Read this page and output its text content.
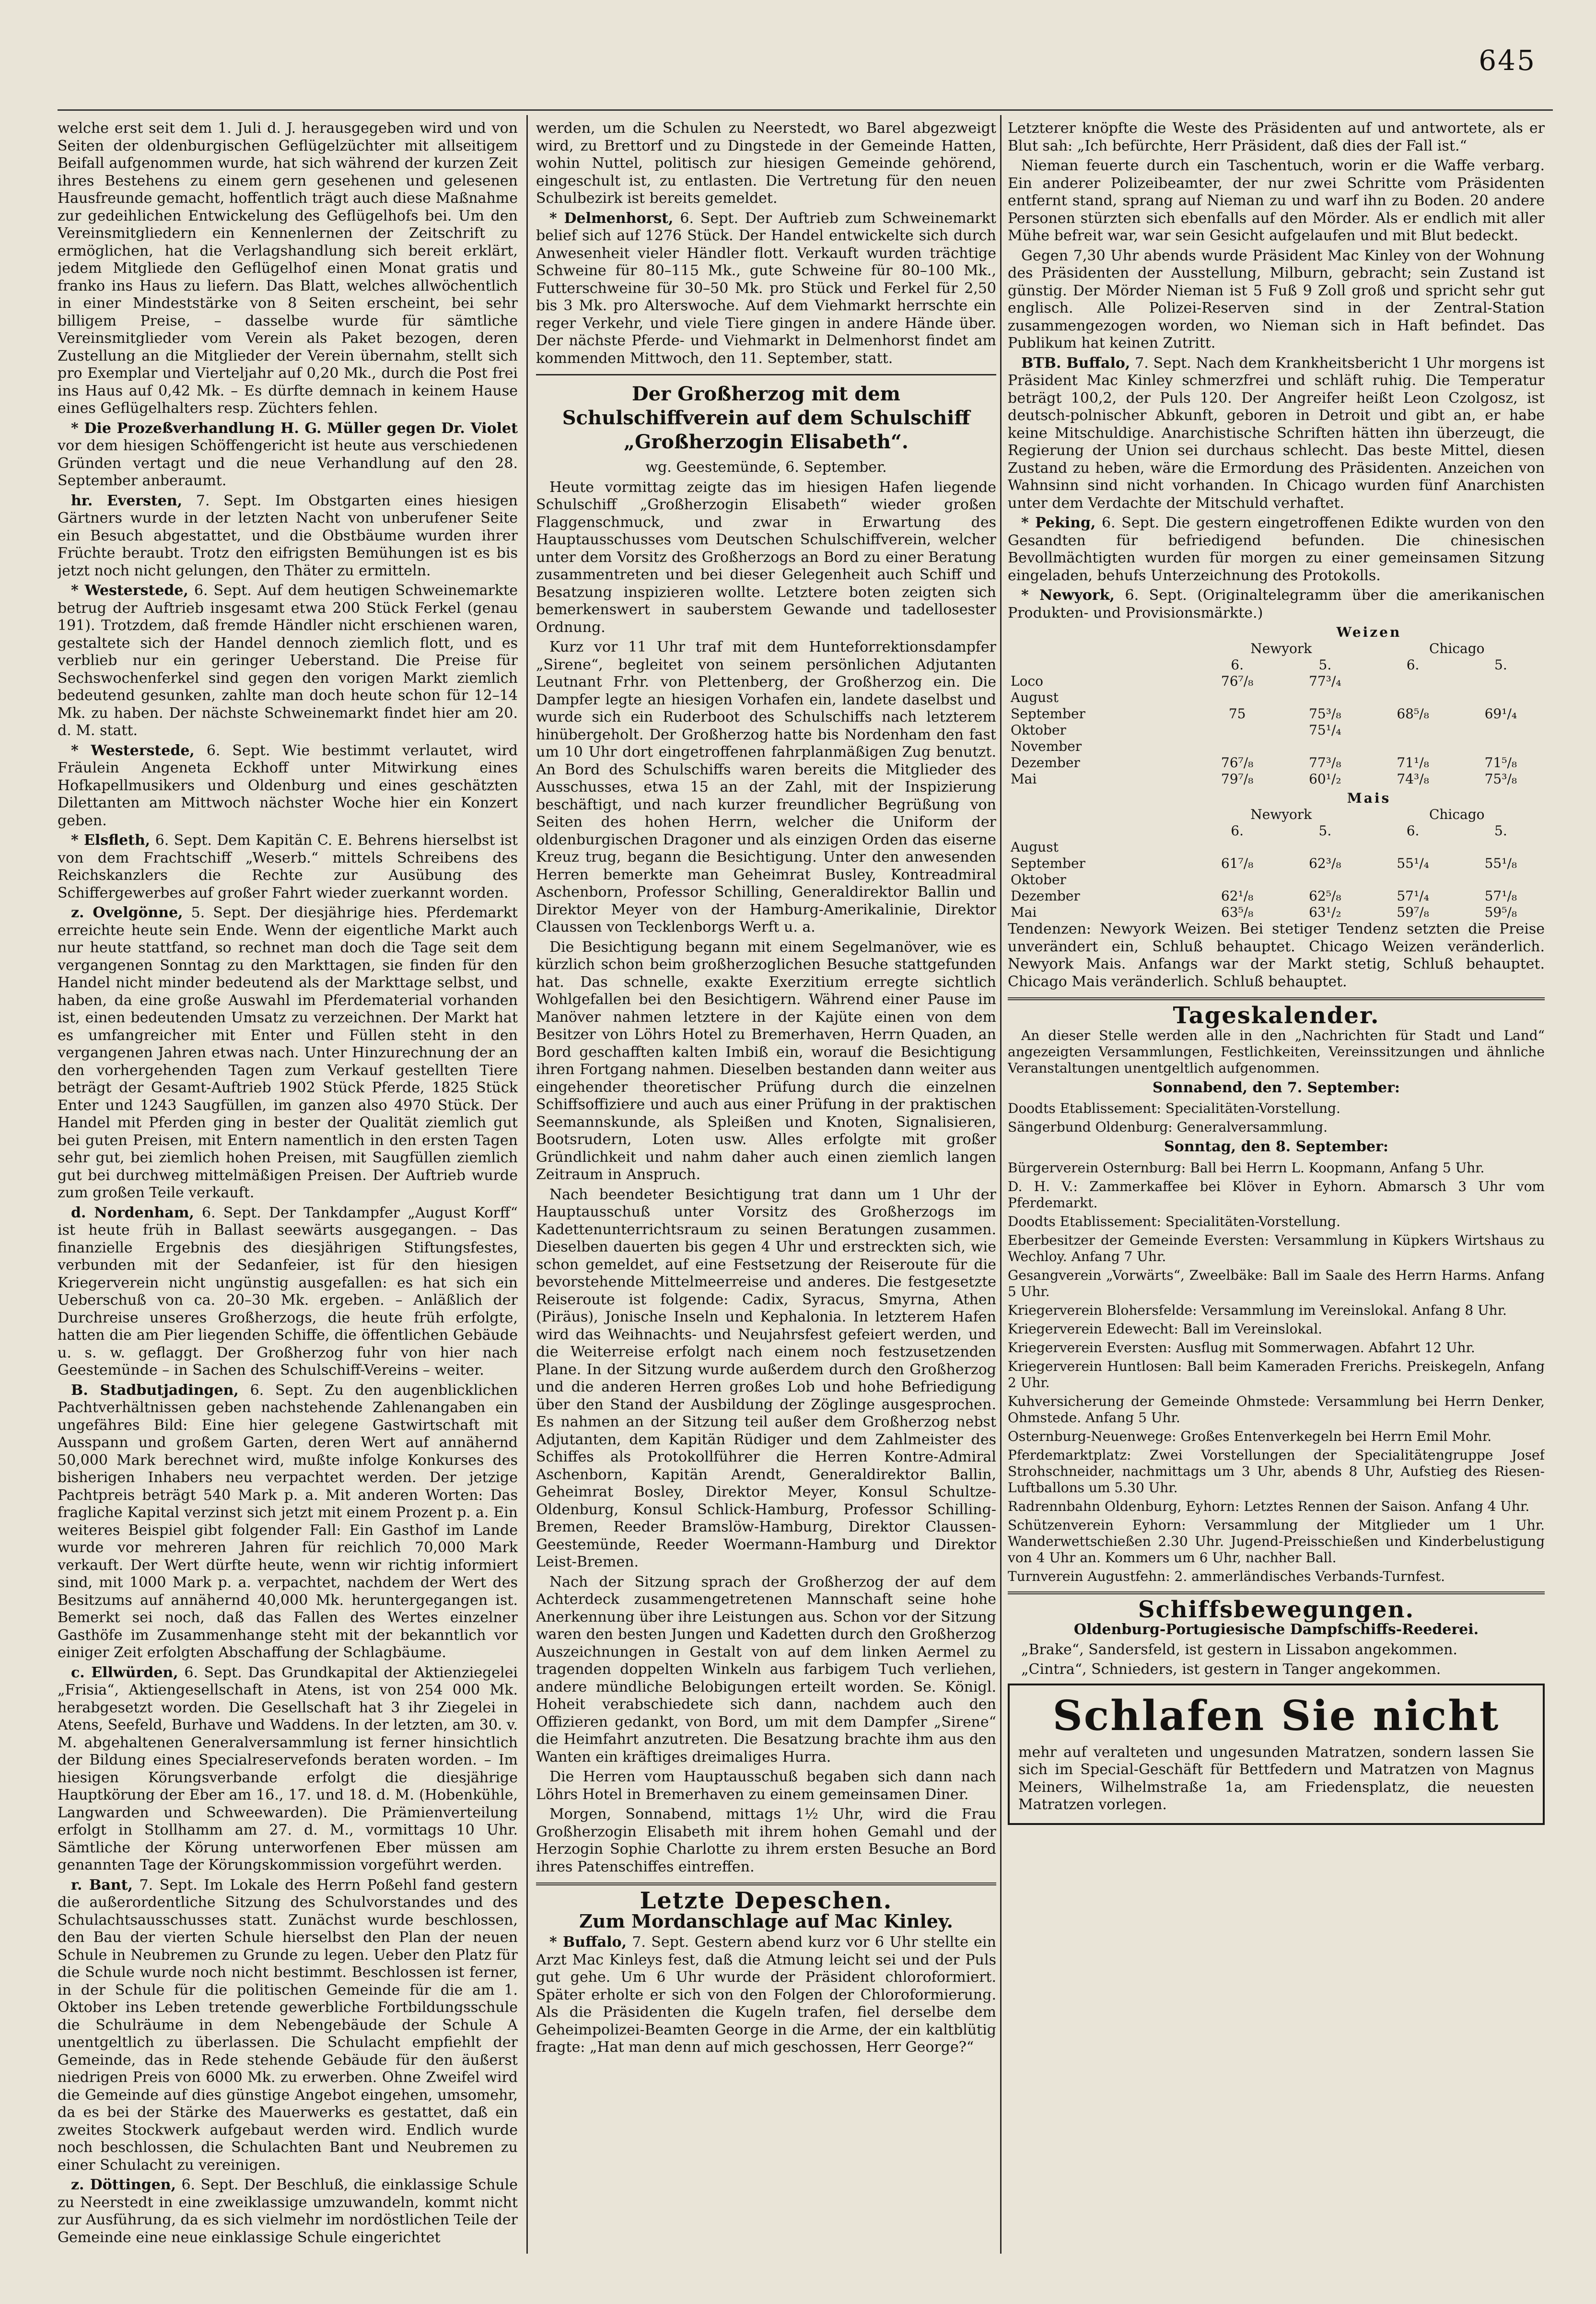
645

welche erst seit dem 1. Juli d. J. herausgegeben wird und von Seiten der oldenburgischen Geflügelzüchter mit allseitigem Beifall aufgenommen wurde, hat sich während der kurzen Zeit ihres Bestehens zu einem gern gesehenen und gelesenen Hausfreunde gemacht, hoffentlich trägt auch diese Maßnahme zur gedeihlichen Entwickelung des Geflügelhofs bei. Um den Vereinsmitgliedern ein Kennenlernen der Zeitschrift zu ermöglichen, hat die Verlagshandlung sich bereit erklärt, jedem Mitgliede den Geflügelhof einen Monat gratis und franko ins Haus zu liefern. Das Blatt, welches allwöchentlich in einer Mindeststärke von 8 Seiten erscheint, bei sehr billigem Preise, – dasselbe wurde für sämtliche Vereinsmitglieder vom Verein als Paket bezogen, deren Zustellung an die Mitglieder der Verein übernahm, stellt sich pro Exemplar und Vierteljahr auf 0,20 Mk., durch die Post frei ins Haus auf 0,42 Mk. – Es dürfte demnach in keinem Hause eines Geflügelhalters resp. Züchters fehlen.

* Die Prozeßverhandlung H. G. Müller gegen Dr. Violet vor dem hiesigen Schöffengericht ist heute aus verschiedenen Gründen vertagt und die neue Verhandlung auf den 28. September anberaumt.

hr. Eversten, 7. Sept. Im Obstgarten eines hiesigen Gärtners wurde in der letzten Nacht von unberufener Seite ein Besuch abgestattet, und die Obstbäume wurden ihrer Früchte beraubt. Trotz den eifrigsten Bemühungen ist es bis jetzt noch nicht gelungen, den Thäter zu ermitteln.

* Westerstede, 6. Sept. Auf dem heutigen Schweinemarkte betrug der Auftrieb insgesamt etwa 200 Stück Ferkel (genau 191). Trotzdem, daß fremde Händler nicht erschienen waren, gestaltete sich der Handel dennoch ziemlich flott, und es verblieb nur ein geringer Ueberstand. Die Preise für Sechswochenferkel sind gegen den vorigen Markt ziemlich bedeutend gesunken, zahlte man doch heute schon für 12–14 Mk. zu haben. Der nächste Schweinemarkt findet hier am 20. d. M. statt.

* Westerstede, 6. Sept. Wie bestimmt verlautet, wird Fräulein Angeneta Eckhoff unter Mitwirkung eines Hofkapellmusikers und Oldenburg und eines geschätzten Dilettanten am Mittwoch nächster Woche hier ein Konzert geben.

* Elsfleth, 6. Sept. Dem Kapitän C. E. Behrens hierselbst ist von dem Frachtschiff „Weserb.“ mittels Schreibens des Reichskanzlers die Rechte zur Ausübung des Schiffergewerbes auf großer Fahrt wieder zuerkannt worden.

z. Ovelgönne, 5. Sept. Der diesjährige hies. Pferdemarkt erreichte heute sein Ende. Wenn der eigentliche Markt auch nur heute stattfand, so rechnet man doch die Tage seit dem vergangenen Sonntag zu den Markttagen, sie finden für den Handel nicht minder bedeutend als der Markttage selbst, und haben, da eine große Auswahl im Pferdematerial vorhanden ist, einen bedeutenden Umsatz zu verzeichnen. Der Markt hat es umfangreicher mit Enter und Füllen steht in den vergangenen Jahren etwas nach. Unter Hinzurechnung der an den vorhergehenden Tagen zum Verkauf gestellten Tiere beträgt der Gesamt-Auftrieb 1902 Stück Pferde, 1825 Stück Enter und 1243 Saugfüllen, im ganzen also 4970 Stück. Der Handel mit Pferden ging in bester der Qualität ziemlich gut bei guten Preisen, mit Entern namentlich in den ersten Tagen sehr gut, bei ziemlich hohen Preisen, mit Saugfüllen ziemlich gut bei durchweg mittelmäßigen Preisen. Der Auftrieb wurde zum großen Teile verkauft.

d. Nordenham, 6. Sept. Der Tankdampfer „August Korff“ ist heute früh in Ballast seewärts ausgegangen. – Das finanzielle Ergebnis des diesjährigen Stiftungsfestes, verbunden mit der Sedanfeier, ist für den hiesigen Kriegerverein nicht ungünstig ausgefallen: es hat sich ein Ueberschuß von ca. 20–30 Mk. ergeben. – Anläßlich der Durchreise unseres Großherzogs, die heute früh erfolgte, hatten die am Pier liegenden Schiffe, die öffentlichen Gebäude u. s. w. geflaggt. Der Großherzog fuhr von hier nach Geestemünde – in Sachen des Schulschiff-Vereins – weiter.

B. Stadbutjadingen, 6. Sept. Zu den augenblicklichen Pachtverhältnissen geben nachstehende Zahlenangaben ein ungefähres Bild: Eine hier gelegene Gastwirtschaft mit Ausspann und großem Garten, deren Wert auf annähernd 50,000 Mark berechnet wird, mußte infolge Konkurses des bisherigen Inhabers neu verpachtet werden. Der jetzige Pachtpreis beträgt 540 Mark p. a. Mit anderen Worten: Das fragliche Kapital verzinst sich jetzt mit einem Prozent p. a. Ein weiteres Beispiel gibt folgender Fall: Ein Gasthof im Lande wurde vor mehreren Jahren für reichlich 70,000 Mark verkauft. Der Wert dürfte heute, wenn wir richtig informiert sind, mit 1000 Mark p. a. verpachtet, nachdem der Wert des Besitzums auf annähernd 40,000 Mk. heruntergegangen ist. Bemerkt sei noch, daß das Fallen des Wertes einzelner Gasthöfe im Zusammenhange steht mit der bekanntlich vor einiger Zeit erfolgten Abschaffung der Schlagbäume.

c. Ellwürden, 6. Sept. Das Grundkapital der Aktienziegelei „Frisia“, Aktiengesellschaft in Atens, ist von 254 000 Mk. herabgesetzt worden. Die Gesellschaft hat 3 ihr Ziegelei in Atens, Seefeld, Burhave und Waddens. In der letzten, am 30. v. M. abgehaltenen Generalversammlung ist ferner hinsichtlich der Bildung eines Specialreservefonds beraten worden. – Im hiesigen Körungsverbande erfolgt die diesjährige Hauptkörung der Eber am 16., 17. und 18. d. M. (Hobenkühle, Langwarden und Schweewarden). Die Prämienverteilung erfolgt in Stollhamm am 27. d. M., vormittags 10 Uhr. Sämtliche der Körung unterworfenen Eber müssen am genannten Tage der Körungskommission vorgeführt werden.

r. Bant, 7. Sept. Im Lokale des Herrn Poßehl fand gestern die außerordentliche Sitzung des Schulvorstandes und des Schulachtsausschusses statt. Zunächst wurde beschlossen, den Bau der vierten Schule hierselbst den Plan der neuen Schule in Neubremen zu Grunde zu legen. Ueber den Platz für die Schule wurde noch nicht bestimmt. Beschlossen ist ferner, in der Schule für die politischen Gemeinde für die am 1. Oktober ins Leben tretende gewerbliche Fortbildungsschule die Schulräume in dem Nebengebäude der Schule A unentgeltlich zu überlassen. Die Schulacht empfiehlt der Gemeinde, das in Rede stehende Gebäude für den äußerst niedrigen Preis von 6000 Mk. zu erwerben. Ohne Zweifel wird die Gemeinde auf dies günstige Angebot eingehen, umsomehr, da es bei der Stärke des Mauerwerks es gestattet, daß ein zweites Stockwerk aufgebaut werden wird. Endlich wurde noch beschlossen, die Schulachten Bant und Neubremen zu einer Schulacht zu vereinigen.

z. Döttingen, 6. Sept. Der Beschluß, die einklassige Schule zu Neerstedt in eine zweiklassige umzuwandeln, kommt nicht zur Ausführung, da es sich vielmehr im nordöstlichen Teile der Gemeinde eine neue einklassige Schule eingerichtet

werden, um die Schulen zu Neerstedt, wo Barel abgezweigt wird, zu Brettorf und zu Dingstede in der Gemeinde Hatten, wohin Nuttel, politisch zur hiesigen Gemeinde gehörend, eingeschult ist, zu entlasten. Die Vertretung für den neuen Schulbezirk ist bereits gemeldet.

* Delmenhorst, 6. Sept. Der Auftrieb zum Schweinemarkt belief sich auf 1276 Stück. Der Handel entwickelte sich durch Anwesenheit vieler Händler flott. Verkauft wurden trächtige Schweine für 80–115 Mk., gute Schweine für 80–100 Mk., Futterschweine für 30–50 Mk. pro Stück und Ferkel für 2,50 bis 3 Mk. pro Alterswoche. Auf dem Viehmarkt herrschte ein reger Verkehr, und viele Tiere gingen in andere Hände über. Der nächste Pferde- und Viehmarkt in Delmenhorst findet am kommenden Mittwoch, den 11. September, statt.

Der Großherzog mit dem Schulschiffverein auf dem Schulschiff „Großherzogin Elisabeth“.

wg. Geestemünde, 6. September.

Heute vormittag zeigte das im hiesigen Hafen liegende Schulschiff „Großherzogin Elisabeth“ wieder großen Flaggenschmuck, und zwar in Erwartung des Hauptausschusses vom Deutschen Schulschiffverein, welcher unter dem Vorsitz des Großherzogs an Bord zu einer Beratung zusammentreten und bei dieser Gelegenheit auch Schiff und Besatzung inspizieren wollte. Letztere boten zeigten sich bemerkenswert in sauberstem Gewande und tadellosester Ordnung.

Kurz vor 11 Uhr traf mit dem Hunteforrektionsdampfer „Sirene“, begleitet von seinem persönlichen Adjutanten Leutnant Frhr. von Plettenberg, der Großherzog ein. Die Dampfer legte an hiesigen Vorhafen ein, landete daselbst und wurde sich ein Ruderboot des Schulschiffs nach letzterem hinübergeholt. Der Großherzog hatte bis Nordenham den fast um 10 Uhr dort eingetroffenen fahrplanmäßigen Zug benutzt. An Bord des Schulschiffs waren bereits die Mitglieder des Ausschusses, etwa 15 an der Zahl, mit der Inspizierung beschäftigt, und nach kurzer freundlicher Begrüßung von Seiten des hohen Herrn, welcher die Uniform der oldenburgischen Dragoner und als einzigen Orden das eiserne Kreuz trug, begann die Besichtigung. Unter den anwesenden Herren bemerkte man Geheimrat Busley, Kontreadmiral Aschenborn, Professor Schilling, Generaldirektor Ballin und Direktor Meyer von der Hamburg-Amerikalinie, Direktor Claussen von Tecklenborgs Werft u. a.

Die Besichtigung begann mit einem Segelmanöver, wie es kürzlich schon beim großherzoglichen Besuche stattgefunden hat. Das schnelle, exakte Exerzitium erregte sichtlich Wohlgefallen bei den Besichtigern. Während einer Pause im Manöver nahmen letztere in der Kajüte einen von dem Besitzer von Löhrs Hotel zu Bremerhaven, Herrn Quaden, an Bord geschafften kalten Imbiß ein, worauf die Besichtigung ihren Fortgang nahmen. Dieselben bestanden dann weiter aus eingehender theoretischer Prüfung durch die einzelnen Schiffsoffiziere und auch aus einer Prüfung in der praktischen Seemannskunde, als Spleißen und Knoten, Signalisieren, Bootsrudern, Loten usw. Alles erfolgte mit großer Gründlichkeit und nahm daher auch einen ziemlich langen Zeitraum in Anspruch.

Nach beendeter Besichtigung trat dann um 1 Uhr der Hauptausschuß unter Vorsitz des Großherzogs im Kadettenunterrichtsraum zu seinen Beratungen zusammen. Dieselben dauerten bis gegen 4 Uhr und erstreckten sich, wie schon gemeldet, auf eine Festsetzung der Reiseroute für die bevorstehende Mittelmeerreise und anderes. Die festgesetzte Reiseroute ist folgende: Cadix, Syracus, Smyrna, Athen (Piräus), Jonische Inseln und Kephalonia. In letzterem Hafen wird das Weihnachts- und Neujahrsfest gefeiert werden, und die Weiterreise erfolgt nach einem noch festzusetzenden Plane. In der Sitzung wurde außerdem durch den Großherzog und die anderen Herren großes Lob und hohe Befriedigung über den Stand der Ausbildung der Zöglinge ausgesprochen. Es nahmen an der Sitzung teil außer dem Großherzog nebst Adjutanten, dem Kapitän Rüdiger und dem Zahlmeister des Schiffes als Protokollführer die Herren Kontre-Admiral Aschenborn, Kapitän Arendt, Generaldirektor Ballin, Geheimrat Bosley, Direktor Meyer, Konsul Schultze-Oldenburg, Konsul Schlick-Hamburg, Professor Schilling-Bremen, Reeder Bramslöw-Hamburg, Direktor Claussen-Geestemünde, Reeder Woermann-Hamburg und Direktor Leist-Bremen.

Nach der Sitzung sprach der Großherzog der auf dem Achterdeck zusammengetretenen Mannschaft seine hohe Anerkennung über ihre Leistungen aus. Schon vor der Sitzung waren den besten Jungen und Kadetten durch den Großherzog Auszeichnungen in Gestalt von auf dem linken Aermel zu tragenden doppelten Winkeln aus farbigem Tuch verliehen, andere mündliche Belobigungen erteilt worden. Se. Königl. Hoheit verabschiedete sich dann, nachdem auch den Offizieren gedankt, von Bord, um mit dem Dampfer „Sirene“ die Heimfahrt anzutreten. Die Besatzung brachte ihm aus den Wanten ein kräftiges dreimaliges Hurra.

Die Herren vom Hauptausschuß begaben sich dann nach Löhrs Hotel in Bremerhaven zu einem gemeinsamen Diner.

Morgen, Sonnabend, mittags 1½ Uhr, wird die Frau Großherzogin Elisabeth mit ihrem hohen Gemahl und der Herzogin Sophie Charlotte zu ihrem ersten Besuche an Bord ihres Patenschiffes eintreffen.

Letzte Depeschen.
Zum Mordanschlage auf Mac Kinley.

* Buffalo, 7. Sept. Gestern abend kurz vor 6 Uhr stellte ein Arzt Mac Kinleys fest, daß die Atmung leicht sei und der Puls gut gehe. Um 6 Uhr wurde der Präsident chloroformiert. Später erholte er sich von den Folgen der Chloroformierung. Als die Präsidenten die Kugeln trafen, fiel derselbe dem Geheimpolizei-Beamten George in die Arme, der ein kaltblütig fragte: „Hat man denn auf mich geschossen, Herr George?“

Letzterer knöpfte die Weste des Präsidenten auf und antwortete, als er Blut sah: „Ich befürchte, Herr Präsident, daß dies der Fall ist.“

Nieman feuerte durch ein Taschentuch, worin er die Waffe verbarg. Ein anderer Polizeibeamter, der nur zwei Schritte vom Präsidenten entfernt stand, sprang auf Nieman zu und warf ihn zu Boden. 20 andere Personen stürzten sich ebenfalls auf den Mörder. Als er endlich mit aller Mühe befreit war, war sein Gesicht aufgelaufen und mit Blut bedeckt.

Gegen 7,30 Uhr abends wurde Präsident Mac Kinley von der Wohnung des Präsidenten der Ausstellung, Milburn, gebracht; sein Zustand ist günstig. Der Mörder Nieman ist 5 Fuß 9 Zoll groß und spricht sehr gut englisch. Alle Polizei-Reserven sind in der Zentral-Station zusammengezogen worden, wo Nieman sich in Haft befindet. Das Publikum hat keinen Zutritt.

BTB. Buffalo, 7. Sept. Nach dem Krankheitsbericht 1 Uhr morgens ist Präsident Mac Kinley schmerzfrei und schläft ruhig. Die Temperatur beträgt 100,2, der Puls 120. Der Angreifer heißt Leon Czolgosz, ist deutsch-polnischer Abkunft, geboren in Detroit und gibt an, er habe keine Mitschuldige. Anarchistische Schriften hätten ihn überzeugt, die Regierung der Union sei durchaus schlecht. Das beste Mittel, diesen Zustand zu heben, wäre die Ermordung des Präsidenten. Anzeichen von Wahnsinn sind nicht vorhanden. In Chicago wurden fünf Anarchisten unter dem Verdachte der Mitschuld verhaftet.

* Peking, 6. Sept. Die gestern eingetroffenen Edikte wurden von den Gesandten für befriedigend befunden. Die chinesischen Bevollmächtigten wurden für morgen zu einer gemeinsamen Sitzung eingeladen, behufs Unterzeichnung des Protokolls.

* Newyork, 6. Sept. (Originaltelegramm über die amerikanischen Produkten- und Provisionsmärkte.)

	Weizen			
	Newyork		Chicago	
	6.	5.	6.	5.
Loco	76⁷/₈	77³/₄		
August				
September	75	75³/₈	68⁵/₈	69¹/₄
Oktober		75¹/₄		
November				
Dezember	76⁷/₈	77³/₈	71¹/₈	71⁵/₈
Mai	79⁷/₈	60¹/₂	74³/₈	75³/₈
	Mais			
	Newyork		Chicago	
	6.	5.	6.	5.
August				
September	61⁷/₈	62³/₈	55¹/₄	55¹/₈
Oktober				
Dezember	62¹/₈	62⁵/₈	57¹/₄	57¹/₈
Mai	63⁵/₈	63¹/₂	59⁷/₈	59⁵/₈

Tendenzen: Newyork Weizen. Bei stetiger Tendenz setzten die Preise unverändert ein, Schluß behauptet. Chicago Weizen veränderlich. Newyork Mais. Anfangs war der Markt stetig, Schluß behauptet. Chicago Mais veränderlich. Schluß behauptet.

Tageskalender.

An dieser Stelle werden alle in den „Nachrichten für Stadt und Land“ angezeigten Versammlungen, Festlichkeiten, Vereinssitzungen und ähnliche Veranstaltungen unentgeltlich aufgenommen.

Sonnabend, den 7. September:

Doodts Etablissement: Specialitäten-Vorstellung.

Sängerbund Oldenburg: Generalversammlung.

Sonntag, den 8. September:

Bürgerverein Osternburg: Ball bei Herrn L. Koopmann, Anfang 5 Uhr.

D. H. V.: Zammerkaffee bei Klöver in Eyhorn. Abmarsch 3 Uhr vom Pferdemarkt.

Doodts Etablissement: Specialitäten-Vorstellung.

Eberbesitzer der Gemeinde Eversten: Versammlung in Küpkers Wirtshaus zu Wechloy. Anfang 7 Uhr.

Gesangverein „Vorwärts“, Zweelbäke: Ball im Saale des Herrn Harms. Anfang 5 Uhr.

Kriegerverein Blohersfelde: Versammlung im Vereinslokal. Anfang 8 Uhr.

Kriegerverein Edewecht: Ball im Vereinslokal.

Kriegerverein Eversten: Ausflug mit Sommerwagen. Abfahrt 12 Uhr.

Kriegerverein Huntlosen: Ball beim Kameraden Frerichs. Preiskegeln, Anfang 2 Uhr.

Kuhversicherung der Gemeinde Ohmstede: Versammlung bei Herrn Denker, Ohmstede. Anfang 5 Uhr.

Osternburg-Neuenwege: Großes Entenverkegeln bei Herrn Emil Mohr.

Pferdemarktplatz: Zwei Vorstellungen der Specialitätengruppe Josef Strohschneider, nachmittags um 3 Uhr, abends 8 Uhr, Aufstieg des Riesen-Luftballons um 5.30 Uhr.

Radrennbahn Oldenburg, Eyhorn: Letztes Rennen der Saison. Anfang 4 Uhr.

Schützenverein Eyhorn: Versammlung der Mitglieder um 1 Uhr. Wanderwettschießen 2.30 Uhr. Jugend-Preisschießen und Kinderbelustigung von 4 Uhr an. Kommers um 6 Uhr, nachher Ball.

Turnverein Augustfehn: 2. ammerländisches Verbands-Turnfest.

Schiffsbewegungen.

Oldenburg-Portugiesische Dampfschiffs-Reederei.

„Brake“, Sandersfeld, ist gestern in Lissabon angekommen.

„Cintra“, Schnieders, ist gestern in Tanger angekommen.

Schlafen Sie nicht

mehr auf veralteten und ungesunden Matratzen, sondern lassen Sie sich im Special-Geschäft für Bettfedern und Matratzen von Magnus Meiners, Wilhelmstraße 1a, am Friedensplatz, die neuesten Matratzen vorlegen.
